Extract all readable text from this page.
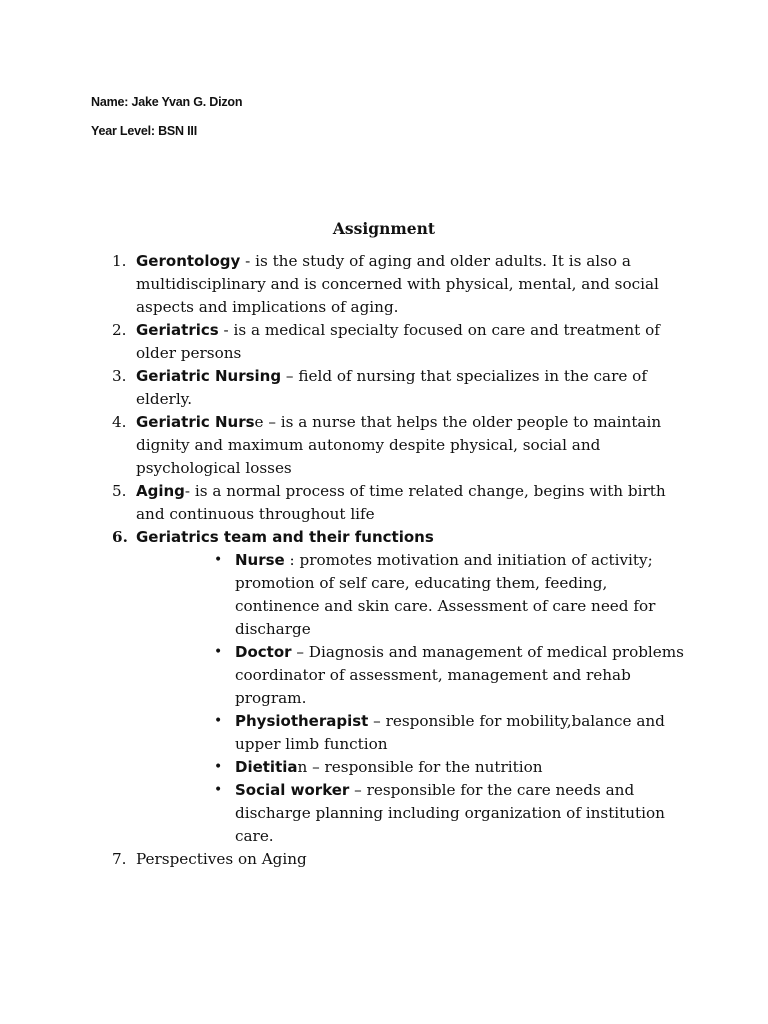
Name: Jake Yvan G. Dizon
Year Level: BSN III
Assignment
1. Gerontology - is the study of aging and older adults. It is also a multidisciplinary and is concerned with physical, mental, and social aspects and implications of aging.
2. Geriatrics - is a medical specialty focused on care and treatment of older persons
3. Geriatric Nursing – field of nursing that specializes in the care of elderly.
4. Geriatric Nurse – is a nurse that helps the older people to maintain dignity and maximum autonomy despite physical, social and psychological losses
5. Aging- is a normal process of time related change, begins with birth and continuous throughout life
6. Geriatrics team and their functions
• Nurse : promotes motivation and initiation of activity; promotion of self care, educating them, feeding, continence and skin care. Assessment of care need for discharge
• Doctor – Diagnosis and management of medical problems coordinator of assessment, management and rehab program.
• Physiotherapist – responsible for mobility,balance and upper limb function
• Dietitian – responsible for the nutrition
• Social worker – responsible for the care needs and discharge planning including organization of institution care.
7. Perspectives on Aging
